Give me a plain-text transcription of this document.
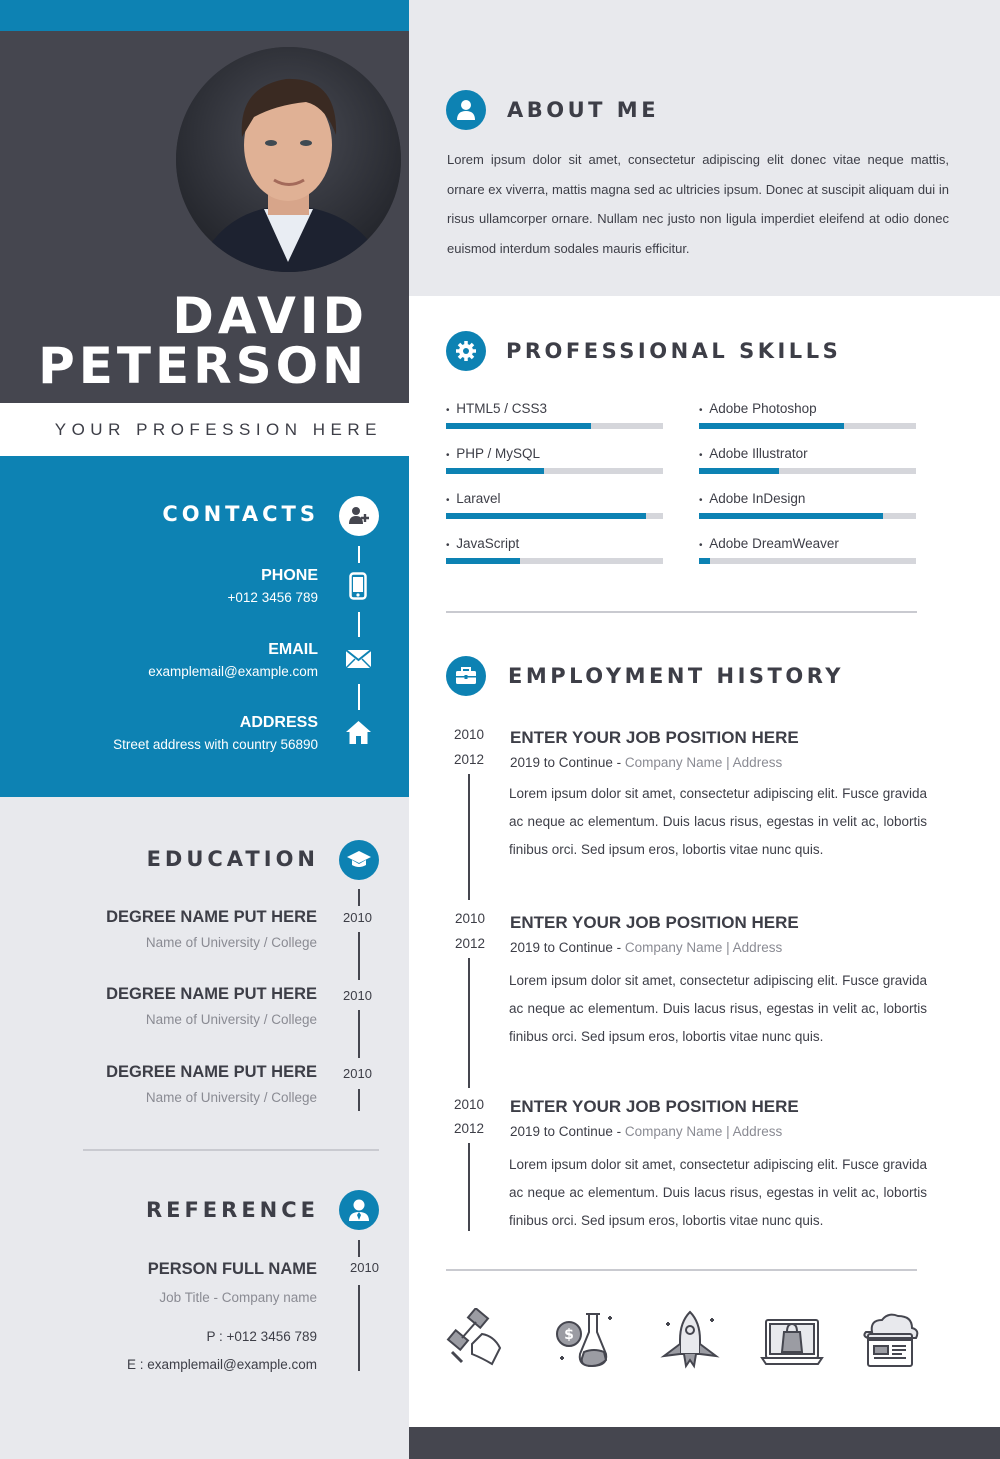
DAVID
PETERSON
YOUR PROFESSION HERE
CONTACTS
PHONE
+012 3456 789
EMAIL
examplemail@example.com
ADDRESS
Street address with country 56890
EDUCATION
DEGREE NAME PUT HERE
Name of University / College
2010
DEGREE NAME PUT HERE
Name of University / College
2010
DEGREE NAME PUT HERE
Name of University / College
2010
REFERENCE
PERSON FULL NAME
Job Title - Company name
2010
P : +012 3456 789
E : examplemail@example.com
ABOUT ME
Lorem ipsum dolor sit amet, consectetur adipiscing elit donec vitae neque mattis, ornare ex viverra, mattis magna sed ac ultricies ipsum. Donec at suscipit aliquam dui in risus ullamcorper ornare. Nullam nec justo non ligula imperdiet eleifend at odio donec euismod interdum sodales mauris efficitur.
PROFESSIONAL SKILLS
• HTML5 / CSS3
• PHP / MySQL
• Laravel
• JavaScript
• Adobe Photoshop
• Adobe Illustrator
• Adobe InDesign
• Adobe DreamWeaver
EMPLOYMENT HISTORY
2010
2012
ENTER YOUR JOB POSITION HERE
2019 to Continue - Company Name | Address
Lorem ipsum dolor sit amet, consectetur adipiscing elit. Fusce gravida ac neque ac elementum. Duis lacus risus, egestas in velit ac, lobortis finibus orci. Sed ipsum eros, lobortis vitae nunc quis.
2010
2012
ENTER YOUR JOB POSITION HERE
2019 to Continue - Company Name | Address
Lorem ipsum dolor sit amet, consectetur adipiscing elit. Fusce gravida ac neque ac elementum. Duis lacus risus, egestas in velit ac, lobortis finibus orci. Sed ipsum eros, lobortis vitae nunc quis.
2010
2012
ENTER YOUR JOB POSITION HERE
2019 to Continue - Company Name | Address
Lorem ipsum dolor sit amet, consectetur adipiscing elit. Fusce gravida ac neque ac elementum. Duis lacus risus, egestas in velit ac, lobortis finibus orci. Sed ipsum eros, lobortis vitae nunc quis.
$
